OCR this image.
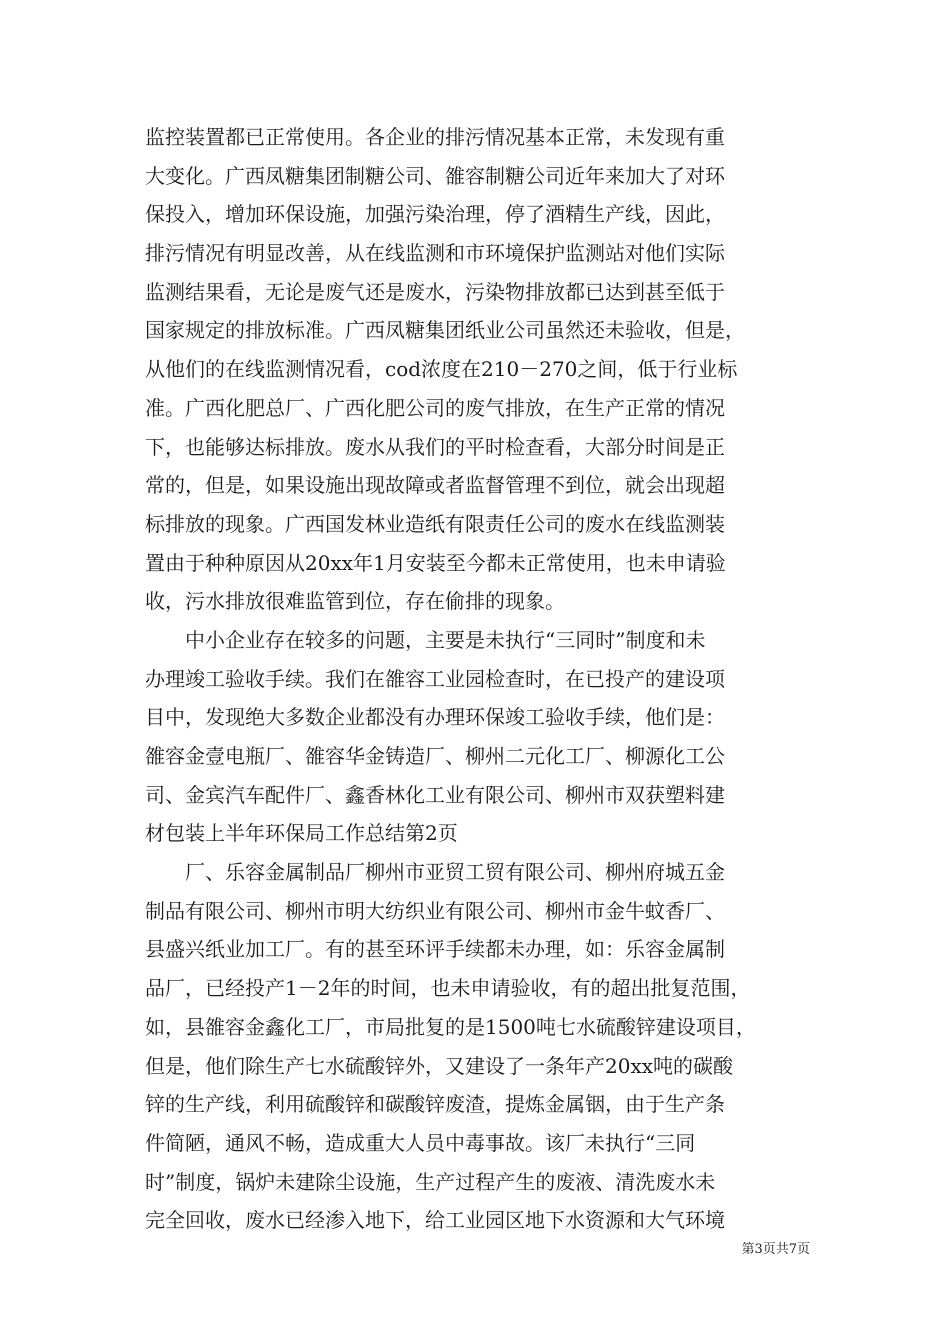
监控装置都已正常使用。各企业的排污情况基本正常，未发现有重
大变化。广西凤糖集团制糖公司、雒容制糖公司近年来加大了对环
保投入，增加环保设施，加强污染治理，停了酒精生产线，因此，
排污情况有明显改善，从在线监测和市环境保护监测站对他们实际
监测结果看，无论是废气还是废水，污染物排放都已达到甚至低于
国家规定的排放标准。广西凤糖集团纸业公司虽然还未验收，但是，
从他们的在线监测情况看，cod浓度在210－270之间，低于行业标
准。广西化肥总厂、广西化肥公司的废气排放，在生产正常的情况
下，也能够达标排放。废水从我们的平时检查看，大部分时间是正
常的，但是，如果设施出现故障或者监督管理不到位，就会出现超
标排放的现象。广西国发林业造纸有限责任公司的废水在线监测装
置由于种种原因从20xx年1月安装至今都未正常使用，也未申请验
收，污水排放很难监管到位，存在偷排的现象。
　　中小企业存在较多的问题，主要是未执行“三同时”制度和未
办理竣工验收手续。我们在雒容工业园检查时，在已投产的建设项
目中，发现绝大多数企业都没有办理环保竣工验收手续，他们是：
雒容金壹电瓶厂、雒容华金铸造厂、柳州二元化工厂、柳源化工公
司、金宾汽车配件厂、鑫香林化工业有限公司、柳州市双获塑料建
材包装上半年环保局工作总结第2页
　　厂、乐容金属制品厂柳州市亚贸工贸有限公司、柳州府城五金
制品有限公司、柳州市明大纺织业有限公司、柳州市金牛蚊香厂、
县盛兴纸业加工厂。有的甚至环评手续都未办理，如：乐容金属制
品厂，已经投产1－2年的时间，也未申请验收，有的超出批复范围，
如，县雒容金鑫化工厂，市局批复的是1500吨七水硫酸锌建设项目，
但是，他们除生产七水硫酸锌外，又建设了一条年产20xx吨的碳酸
锌的生产线，利用硫酸锌和碳酸锌废渣，提炼金属铟，由于生产条
件简陋，通风不畅，造成重大人员中毒事故。该厂未执行“三同
时”制度，锅炉未建除尘设施，生产过程产生的废液、清洗废水未
完全回收，废水已经渗入地下，给工业园区地下水资源和大气环境
第3页共7页
